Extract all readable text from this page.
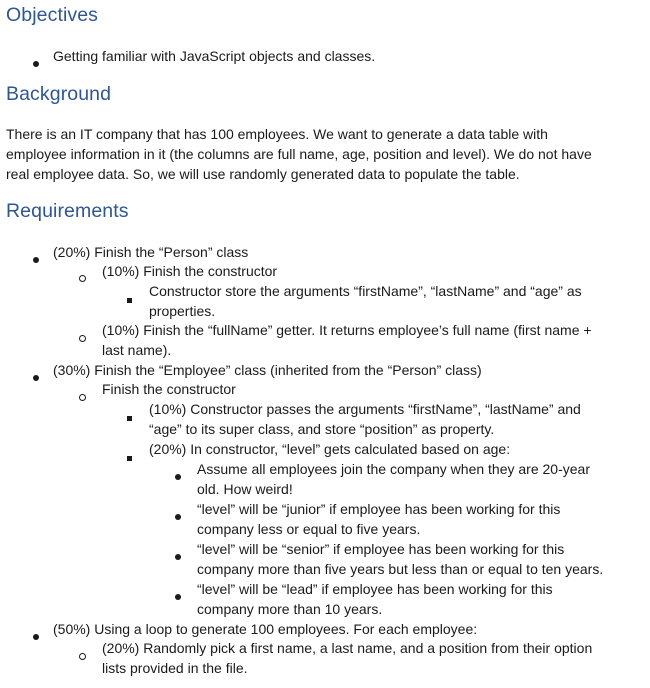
Objectives
Getting familiar with JavaScript objects and classes.
Background
There is an IT company that has 100 employees. We want to generate a data table with
employee information in it (the columns are full name, age, position and level). We do not have
real employee data. So, we will use randomly generated data to populate the table.
Requirements
(20%) Finish the “Person” class
(10%) Finish the constructor
Constructor store the arguments “firstName”, “lastName” and “age” as
properties.
(10%) Finish the “fullName” getter. It returns employee’s full name (first name +
last name).
(30%) Finish the “Employee” class (inherited from the “Person” class)
Finish the constructor
(10%) Constructor passes the arguments “firstName”, “lastName” and
“age” to its super class, and store “position” as property.
(20%) In constructor, “level” gets calculated based on age:
Assume all employees join the company when they are 20-year
old. How weird!
“level” will be “junior” if employee has been working for this
company less or equal to five years.
“level” will be “senior” if employee has been working for this
company more than five years but less than or equal to ten years.
“level” will be “lead” if employee has been working for this
company more than 10 years.
(50%) Using a loop to generate 100 employees. For each employee:
(20%) Randomly pick a first name, a last name, and a position from their option
lists provided in the file.
